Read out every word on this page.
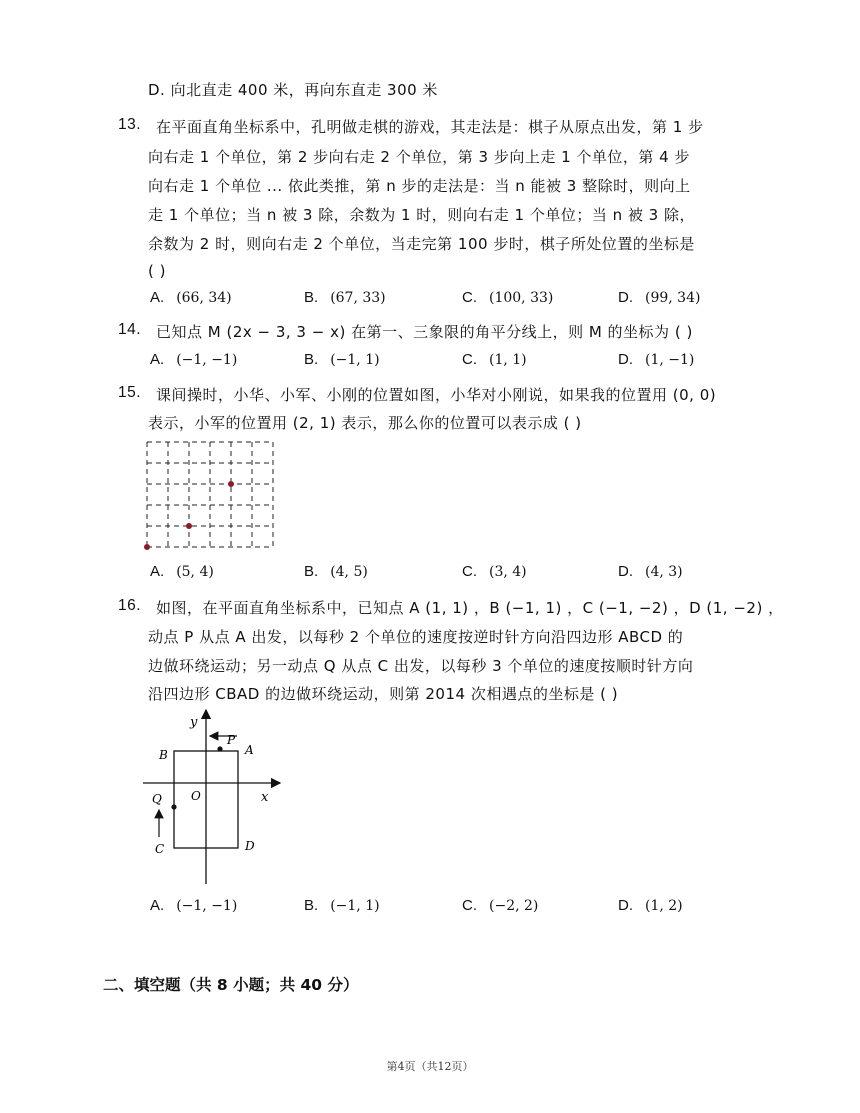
D. 向北直走 400 米，再向东直走 300 米
13. 在平面直角坐标系中，孔明做走棋的游戏，其走法是：棋子从原点出发，第 1 步
向右走 1 个单位，第 2 步向右走 2 个单位，第 3 步向上走 1 个单位，第 4 步
向右走 1 个单位 ... 依此类推，第 n 步的走法是：当 n 能被 3 整除时，则向上
走 1 个单位；当 n 被 3 除，余数为 1 时，则向右走 1 个单位；当 n 被 3 除，
余数为 2 时，则向右走 2 个单位，当走完第 100 步时，棋子所处位置的坐标是
( )
A. (66, 34)	B. (67, 33)	C. (100, 33)	D. (99, 34)
14. 已知点 M (2x − 3, 3 − x) 在第一、三象限的角平分线上，则 M 的坐标为 ( )
A. (−1, −1)	B. (−1, 1)	C. (1, 1)	D. (1, −1)
15. 课间操时，小华、小军、小刚的位置如图，小华对小刚说，如果我的位置用 (0, 0)
表示，小军的位置用 (2, 1) 表示，那么你的位置可以表示成 ( )
A. (5, 4)	B. (4, 5)	C. (3, 4)	D. (4, 3)
16. 如图，在平面直角坐标系中，已知点 A (1, 1) ，B (−1, 1) ，C (−1, −2) ，D (1, −2) ，
动点 P 从点 A 出发，以每秒 2 个单位的速度按逆时针方向沿四边形 ABCD 的
边做环绕运动；另一动点 Q 从点 C 出发，以每秒 3 个单位的速度按顺时针方向
沿四边形 CBAD 的边做环绕运动，则第 2014 次相遇点的坐标是 ( )
y
x
O
P
A
B
Q
C	D
A. (−1, −1)	B. (−1, 1)	C. (−2, 2)	D. (1, 2)
二、填空题（共 8 小题；共 40 分）
第4页（共12页）
